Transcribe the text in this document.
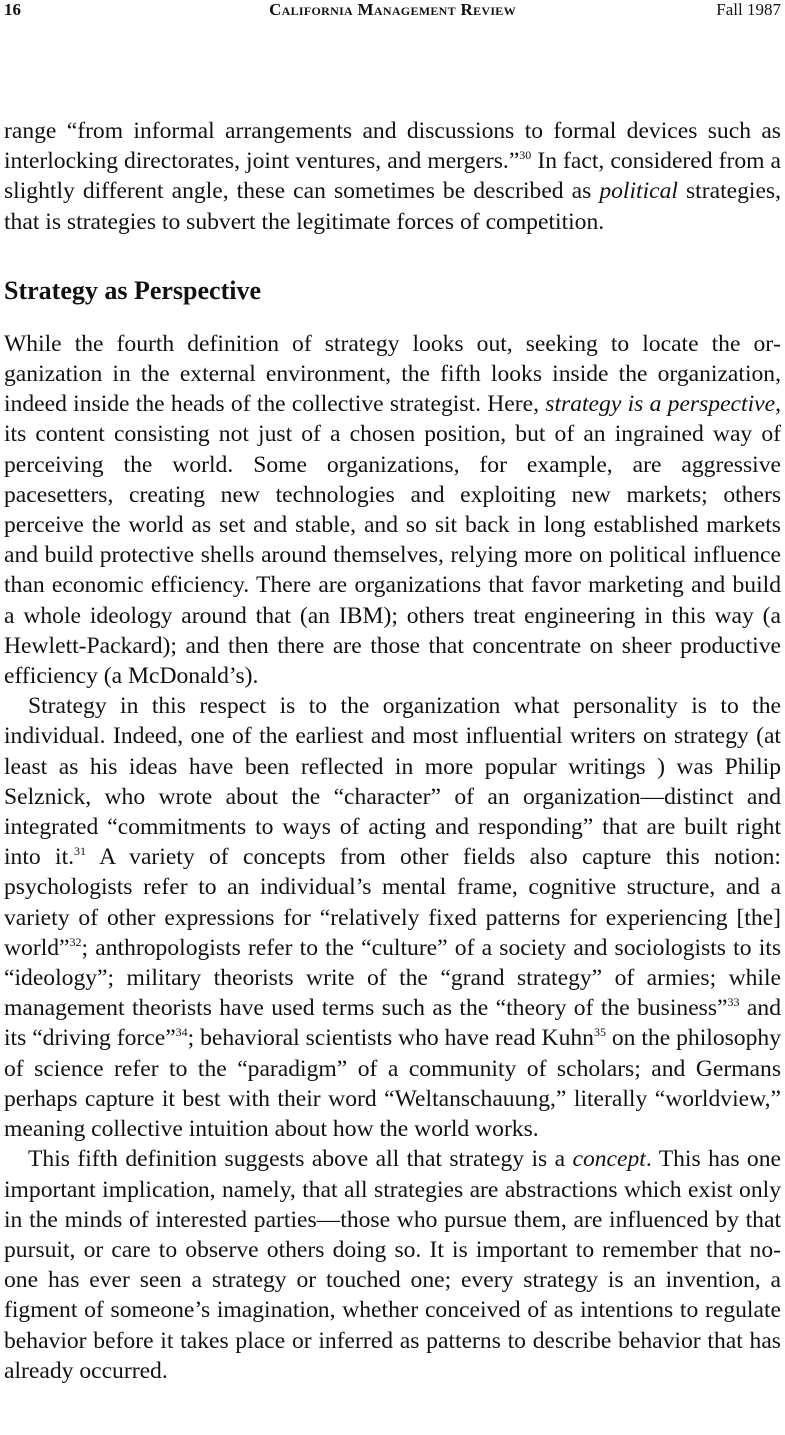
16	California Management Review	Fall 1987

range “from informal arrangements and discussions to formal devices such as interlocking directorates, joint ventures, and mergers.”$^{30}$ In fact, considered from a slightly different angle, these can sometimes be described as political strategies, that is strategies to subvert the legitimate forces of competition.

Strategy as Perspective

While the fourth definition of strategy looks out, seeking to locate the organization in the external environment, the fifth looks inside the organization, indeed inside the heads of the collective strategist. Here, strategy is a perspective, its content consisting not just of a chosen position, but of an ingrained way of perceiving the world. Some organizations, for example, are aggressive pacesetters, creating new technologies and exploiting new markets; others perceive the world as set and stable, and so sit back in long established markets and build protective shells around themselves, relying more on political influence than economic efficiency. There are organizations that favor marketing and build a whole ideology around that (an IBM); others treat engineering in this way (a Hewlett-Packard); and then there are those that concentrate on sheer productive efficiency (a McDonald’s).

Strategy in this respect is to the organization what personality is to the individual. Indeed, one of the earliest and most influential writers on strategy (at least as his ideas have been reflected in more popular writings ) was Philip Selznick, who wrote about the “character” of an organization—distinct and integrated “commitments to ways of acting and responding” that are built right into it.$^{31}$ A variety of concepts from other fields also capture this notion: psychologists refer to an individual’s mental frame, cognitive structure, and a variety of other expressions for “relatively fixed patterns for experiencing [the] world”$^{32}$; anthropologists refer to the “culture” of a society and sociologists to its “ideology”; military theorists write of the “grand strategy” of armies; while management theorists have used terms such as the “theory of the business”$^{33}$ and its “driving force”$^{34}$; behavioral scientists who have read Kuhn$^{35}$ on the philosophy of science refer to the “paradigm” of a community of scholars; and Germans perhaps capture it best with their word “Weltanschauung,” literally “worldview,” meaning collective intuition about how the world works.

This fifth definition suggests above all that strategy is a concept. This has one important implication, namely, that all strategies are abstractions which exist only in the minds of interested parties—those who pursue them, are influenced by that pursuit, or care to observe others doing so. It is important to remember that no-one has ever seen a strategy or touched one; every strategy is an invention, a figment of someone’s imagination, whether conceived of as intentions to regulate behavior before it takes place or inferred as patterns to describe behavior that has already occurred.
